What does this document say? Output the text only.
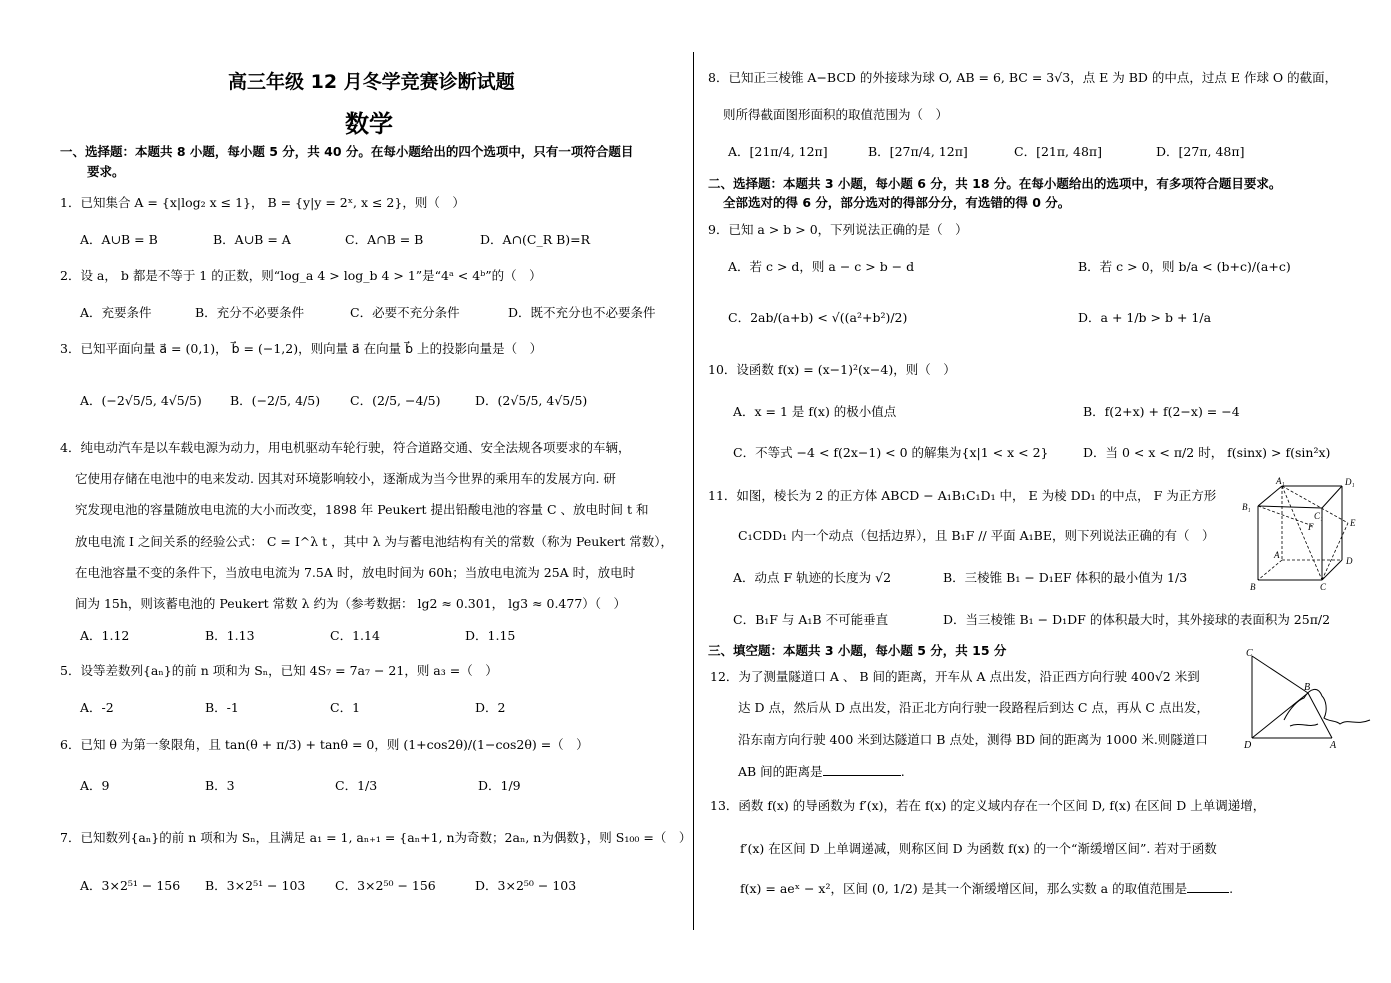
高三年级 12 月冬学竞赛诊断试题
数学
一、选择题：本题共 8 小题，每小题 5 分，共 40 分。在每小题给出的四个选项中，只有一项符合题目
要求。
1．已知集合 A = {x|log₂ x ≤ 1}， B = {y|y = 2ˣ, x ≤ 2}，则（　）
A．A∪B = B	B．A∪B = A	C．A∩B = B	D．A∩(C_R B)=R
2．设 a， b 都是不等于 1 的正数，则“log_a 4 > log_b 4 > 1”是“4ᵃ < 4ᵇ”的（　）
A．充要条件	B．充分不必要条件	C．必要不充分条件	D．既不充分也不必要条件
3．已知平面向量 a⃗ = (0,1)， b⃗ = (−1,2)，则向量 a⃗ 在向量 b⃗ 上的投影向量是（　）
A．(−2√5/5, 4√5/5) B．(−2/5, 4/5) C．(2/5, −4/5)	D．(2√5/5, 4√5/5)
4．纯电动汽车是以车载电源为动力，用电机驱动车轮行驶，符合道路交通、安全法规各项要求的车辆，
它使用存储在电池中的电来发动. 因其对环境影响较小，逐渐成为当今世界的乘用车的发展方向. 研
究发现电池的容量随放电电流的大小而改变，1898 年 Peukert 提出铅酸电池的容量 C 、放电时间 t 和
放电电流 I 之间关系的经验公式： C = I^λ t ，其中 λ 为与蓄电池结构有关的常数（称为 Peukert 常数），
在电池容量不变的条件下，当放电电流为 7.5A 时，放电时间为 60h；当放电电流为 25A 时，放电时
间为 15h，则该蓄电池的 Peukert 常数 λ 约为（参考数据： lg2 ≈ 0.301， lg3 ≈ 0.477）（　）
A．1.12	B．1.13	C．1.14	D．1.15
5．设等差数列{aₙ}的前 n 项和为 Sₙ，已知 4S₇ = 7a₇ − 21，则 a₃ =（　）
A．-2	B．-1	C．1	D．2
6．已知 θ 为第一象限角，且 tan(θ + π/3) + tanθ = 0，则 (1+cos2θ)/(1−cos2θ) =（　）
A．9	B．3	C．1/3	D．1/9
7．已知数列{aₙ}的前 n 项和为 Sₙ，且满足 a₁ = 1, aₙ₊₁ = {aₙ+1, n为奇数；2aₙ, n为偶数}，则 S₁₀₀ =（　）
A．3×2⁵¹ − 156 B．3×2⁵¹ − 103 C．3×2⁵⁰ − 156	D．3×2⁵⁰ − 103
8．已知正三棱锥 A−BCD 的外接球为球 O, AB = 6, BC = 3√3，点 E 为 BD 的中点，过点 E 作球 O 的截面，
则所得截面图形面积的取值范围为（　）
A．[21π/4, 12π]	B．[27π/4, 12π]	C．[21π, 48π]	D．[27π, 48π]
二、选择题：本题共 3 小题，每小题 6 分，共 18 分。在每小题给出的选项中，有多项符合题目要求。
全部选对的得 6 分，部分选对的得部分分，有选错的得 0 分。
9．已知 a > b > 0，下列说法正确的是（　）
A．若 c > d，则 a − c > b − d	B．若 c > 0，则 b/a < (b+c)/(a+c)
C．2ab/(a+b) < √((a²+b²)/2)	D．a + 1/b > b + 1/a
10．设函数 f(x) = (x−1)²(x−4)，则（　）
A．x = 1 是 f(x) 的极小值点	B．f(2+x) + f(2−x) = −4
C．不等式 −4 < f(2x−1) < 0 的解集为{x|1 < x < 2}	D．当 0 < x < π/2 时， f(sinx) > f(sin²x)
11．如图，棱长为 2 的正方体 ABCD − A₁B₁C₁D₁ 中， E 为棱 DD₁ 的中点， F 为正方形
C₁CDD₁ 内一个动点（包括边界），且 B₁F // 平面 A₁BE，则下列说法正确的有（　）
A．动点 F 轨迹的长度为 √2	B．三棱锥 B₁ − D₁EF 体积的最小值为 1/3
C．B₁F 与 A₁B 不可能垂直	D．当三棱锥 B₁ − D₁DF 的体积最大时，其外接球的表面积为 25π/2
三、填空题：本题共 3 小题，每小题 5 分，共 15 分
12．为了测量隧道口 A 、 B 间的距离，开车从 A 点出发，沿正西方向行驶 400√2 米到
达 D 点，然后从 D 点出发，沿正北方向行驶一段路程后到达 C 点，再从 C 点出发，
沿东南方向行驶 400 米到达隧道口 B 点处，测得 BD 间的距离为 1000 米.则隧道口
AB 间的距离是	.
13．函数 f(x) 的导函数为 f′(x)，若在 f(x) 的定义域内存在一个区间 D, f(x) 在区间 D 上单调递增，
f′(x) 在区间 D 上单调递减，则称区间 D 为函数 f(x) 的一个“渐缓增区间”. 若对于函数
f(x) = aeˣ − x²，区间 (0, 1/2) 是其一个渐缓增区间，那么实数 a 的取值范围是	.
A₁	D₁
B₁
C₁
E
F
A
D
B	C
C
B
D	A
